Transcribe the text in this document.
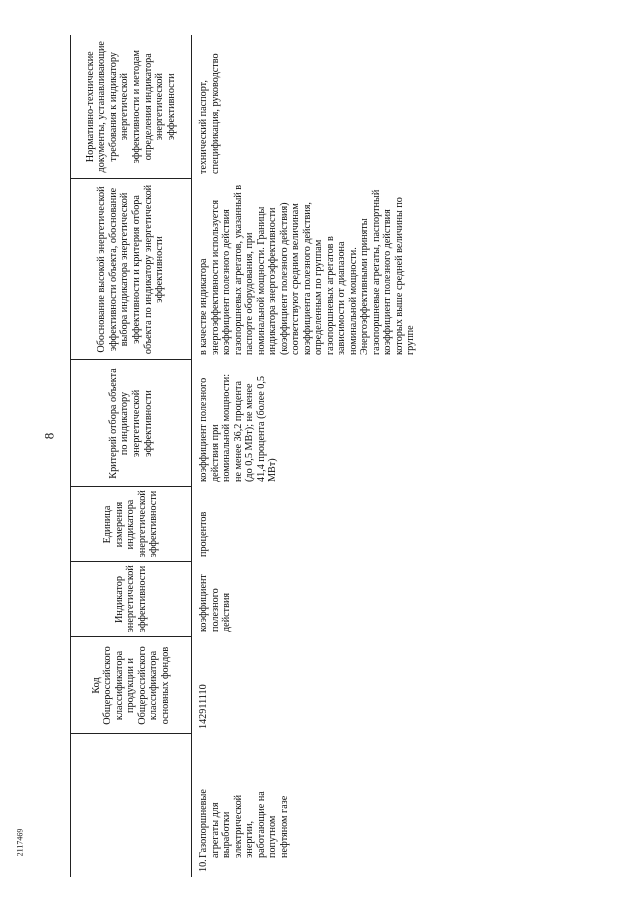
8
2117469
	Код Общероссийского классификатора продукции и Общероссийского классификатора основных фондов	Индикатор энергетической эффективности	Единица измерения индикатора энергетической эффективности	Критерий отбора объекта по индикатору энергетической эффективности	Обоснование высокой энергетической эффективности объекта, обоснование выбора индикатора энергетической эффективности и критерия отбора объекта по индикатору энергетической эффективности	Нормативно-технические документы, устанавливающие требования к индикатору энергетической эффективности и методам определения индикатора энергетической эффективности
10.Газопоршневые агрегаты для выработки электрической энергии, работающие на попутном нефтяном газе	142911110	коэффициент полезного действия	процентов	коэффициент полезного действия при номинальной мощности: не менее 36,2 процента (до 0,5 МВт); не менее 41,4 процента (более 0,5 МВт)	в качестве индикатора энергоэффективности используется коэффициент полезного действия газопоршневых агрегатов, указанный в паспорте оборудования, при номинальной мощности. Границы индикатора энергоэффективности (коэффициент полезного действия) соответствуют средним величинам коэффициента полезного действия, определенным по группам газопоршневых агрегатов в зависимости от диапазона номинальной мощности. Энергоэффективными приняты газопоршневые агрегаты, паспортный коэффициент полезного действия которых выше средней величины по группе	технический паспорт, спецификация, руководство
